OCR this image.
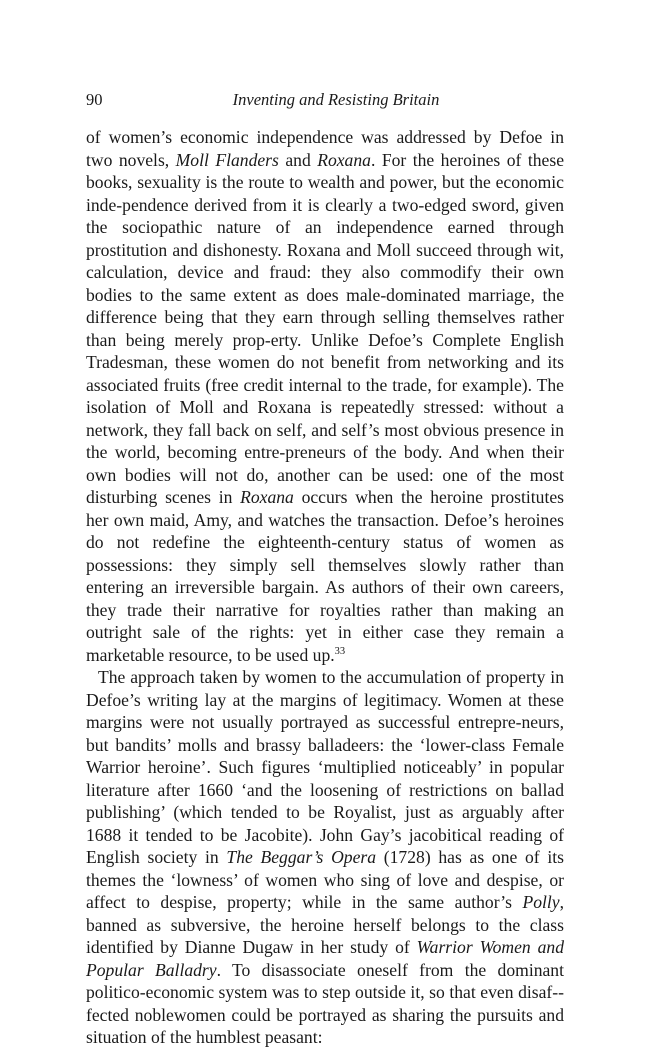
90	Inventing and Resisting Britain

of women’s economic independence was addressed by Defoe in two novels, Moll Flanders and Roxana. For the heroines of these books, sexuality is the route to wealth and power, but the economic inde-pendence derived from it is clearly a two-edged sword, given the sociopathic nature of an independence earned through prostitution and dishonesty. Roxana and Moll succeed through wit, calculation, device and fraud: they also commodify their own bodies to the same extent as does male-dominated marriage, the difference being that they earn through selling themselves rather than being merely prop-erty. Unlike Defoe’s Complete English Tradesman, these women do not benefit from networking and its associated fruits (free credit internal to the trade, for example). The isolation of Moll and Roxana is repeatedly stressed: without a network, they fall back on self, and self’s most obvious presence in the world, becoming entre-preneurs of the body. And when their own bodies will not do, another can be used: one of the most disturbing scenes in Roxana occurs when the heroine prostitutes her own maid, Amy, and watches the transaction. Defoe’s heroines do not redefine the eighteenth-century status of women as possessions: they simply sell themselves slowly rather than entering an irreversible bargain. As authors of their own careers, they trade their narrative for royalties rather than making an outright sale of the rights: yet in either case they remain a marketable resource, to be used up.$^{33}$

The approach taken by women to the accumulation of property in Defoe’s writing lay at the margins of legitimacy. Women at these margins were not usually portrayed as successful entrepre-neurs, but bandits’ molls and brassy balladeers: the ‘lower-class Female Warrior heroine’. Such figures ‘multiplied noticeably’ in popular literature after 1660 ‘and the loosening of restrictions on ballad publishing’ (which tended to be Royalist, just as arguably after 1688 it tended to be Jacobite). John Gay’s jacobitical reading of English society in The Beggar’s Opera (1728) has as one of its themes the ‘lowness’ of women who sing of love and despise, or affect to despise, property; while in the same author’s Polly, banned as subversive, the heroine herself belongs to the class identified by Dianne Dugaw in her study of Warrior Women and Popular Balladry. To disassociate oneself from the dominant politico-economic system was to step outside it, so that even disaf-fected noblewomen could be portrayed as sharing the pursuits and situation of the humblest peasant:
